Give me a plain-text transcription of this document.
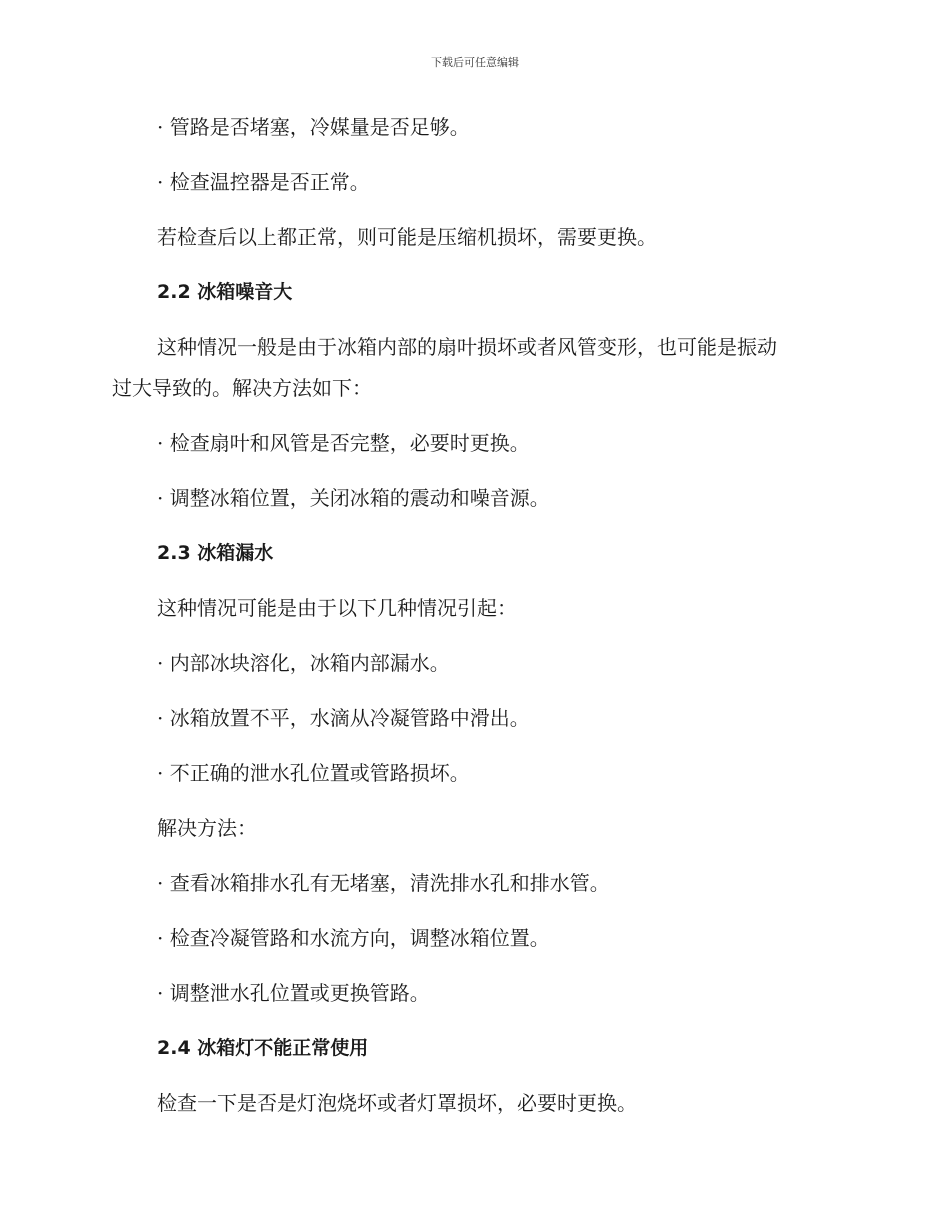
下载后可任意编辑
· 管路是否堵塞，冷媒量是否足够。
· 检查温控器是否正常。
若检查后以上都正常，则可能是压缩机损坏，需要更换。
2.2 冰箱噪音大
这种情况一般是由于冰箱内部的扇叶损坏或者风管变形，也可能是振动
过大导致的。解决方法如下：
· 检查扇叶和风管是否完整，必要时更换。
· 调整冰箱位置，关闭冰箱的震动和噪音源。
2.3 冰箱漏水
这种情况可能是由于以下几种情况引起：
· 内部冰块溶化，冰箱内部漏水。
· 冰箱放置不平，水滴从冷凝管路中滑出。
· 不正确的泄水孔位置或管路损坏。
解决方法：
· 查看冰箱排水孔有无堵塞，清洗排水孔和排水管。
· 检查冷凝管路和水流方向，调整冰箱位置。
· 调整泄水孔位置或更换管路。
2.4 冰箱灯不能正常使用
检查一下是否是灯泡烧坏或者灯罩损坏，必要时更换。
